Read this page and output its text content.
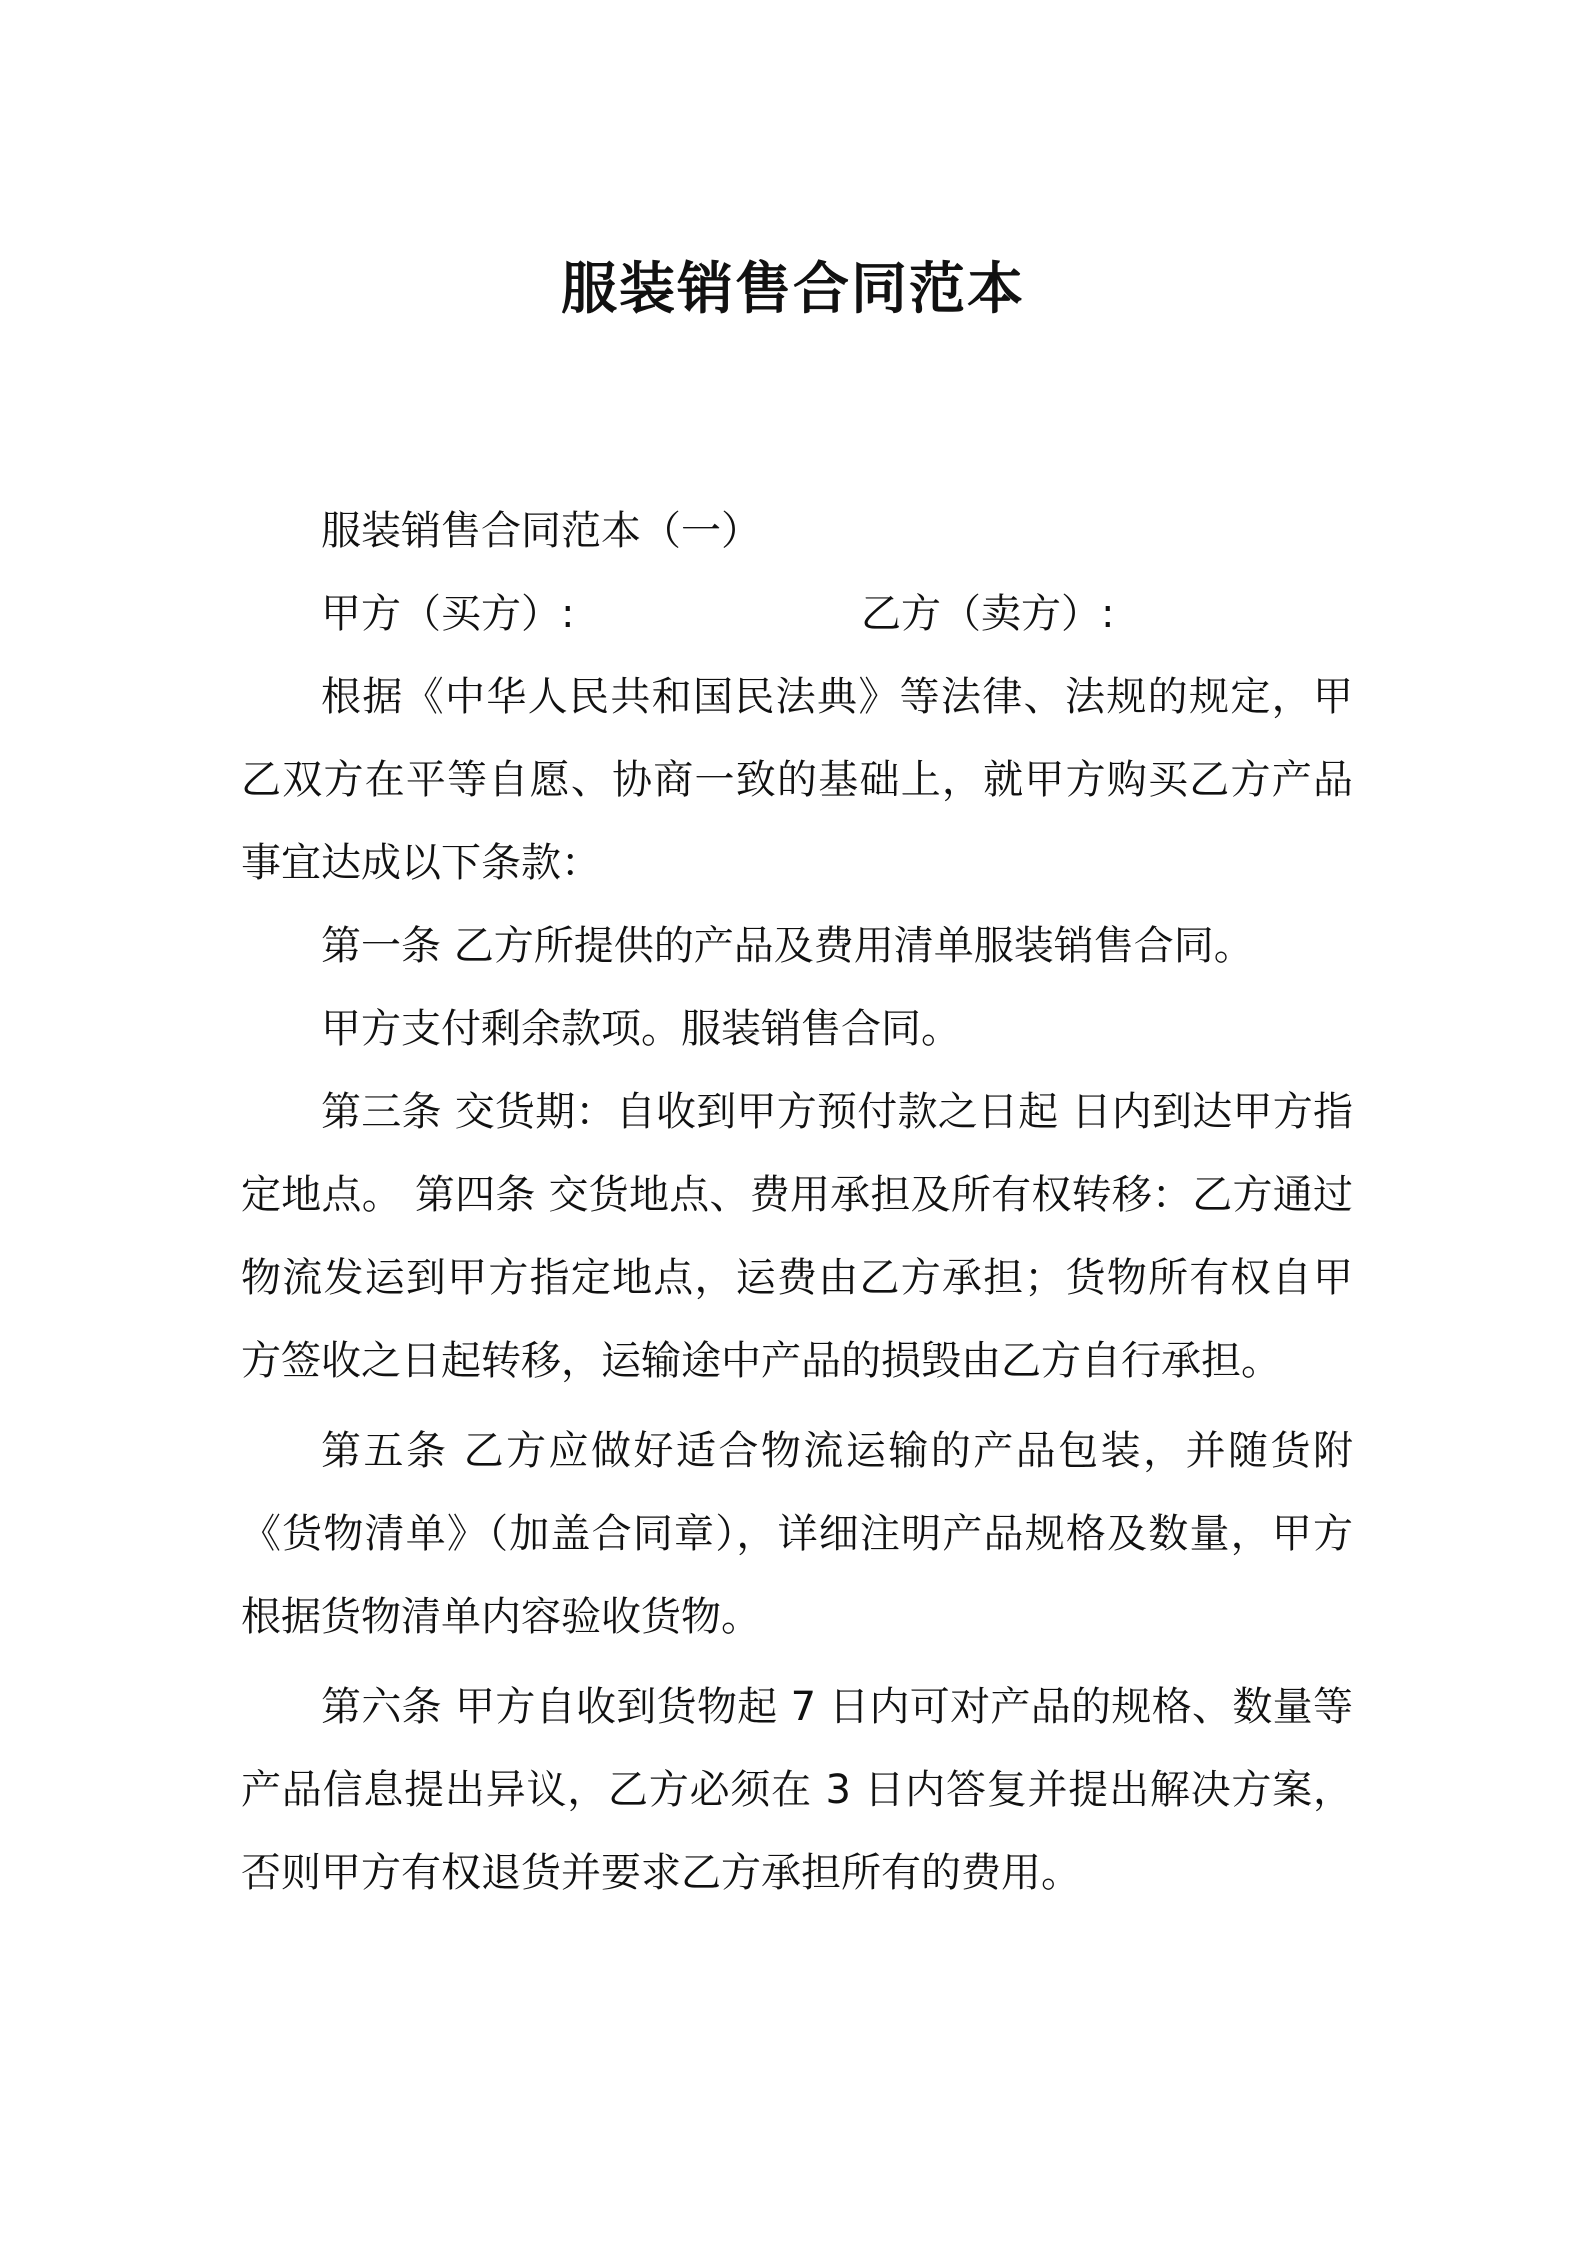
服装销售合同范本

服装销售合同范本（一）

甲方（买方）:	乙方（卖方）:

根据《中华人民共和国民法典》等法律、法规的规定，甲乙双方在平等自愿、协商一致的基础上，就甲方购买乙方产品事宜达成以下条款：

第一条 乙方所提供的产品及费用清单服装销售合同。

甲方支付剩余款项。服装销售合同。

第三条 交货期：自收到甲方预付款之日起 日内到达甲方指定地点。 第四条 交货地点、费用承担及所有权转移：乙方通过物流发运到甲方指定地点，运费由乙方承担；货物所有权自甲方签收之日起转移，运输途中产品的损毁由乙方自行承担。

第五条 乙方应做好适合物流运输的产品包装，并随货附《货物清单》（加盖合同章），详细注明产品规格及数量，甲方根据货物清单内容验收货物。

第六条 甲方自收到货物起 7 日内可对产品的规格、数量等产品信息提出异议，乙方必须在 3 日内答复并提出解决方案，否则甲方有权退货并要求乙方承担所有的费用。
